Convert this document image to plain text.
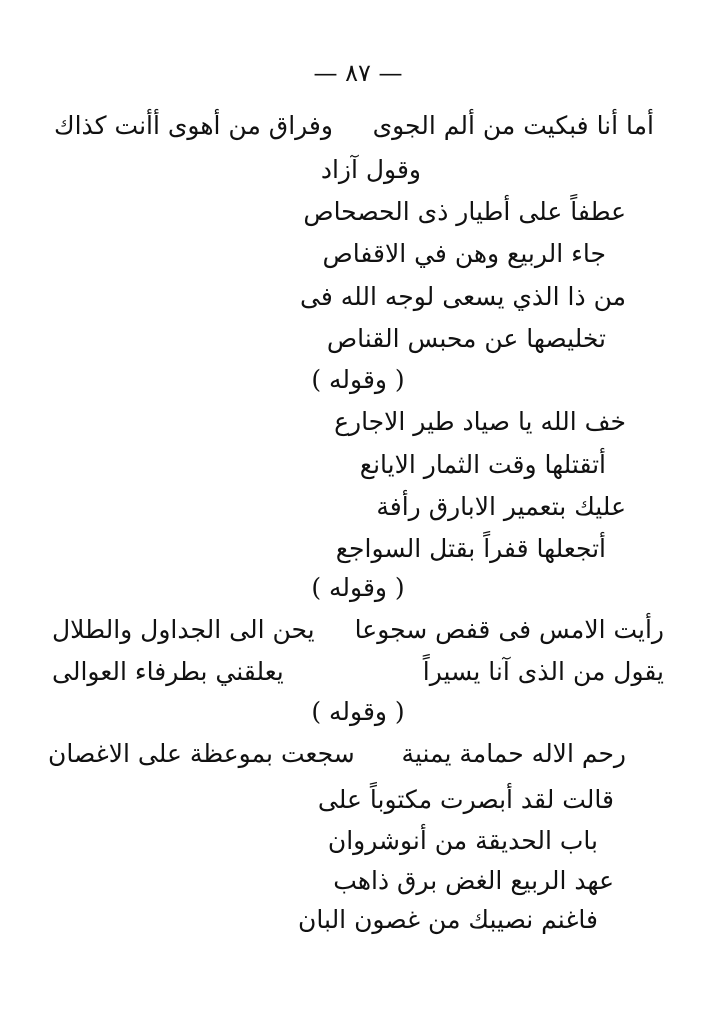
— ٨٧ —
أما أنا فبكيت من ألم الجوى
وفراق من أهوى أأنت كذاك
وقول آزاد
عطفاً على أطيار ذى الحصحاص
جاء الربيع وهن في الاقفاص
من ذا الذي يسعى لوجه الله فى
تخليصها عن محبس القناص
( وقوله )
خف الله يا صياد طير الاجارع
أتقتلها وقت الثمار الايانع
عليك بتعمير الابارق رأفة
أتجعلها قفراً بقتل السواجع
( وقوله )
رأيت الامس فى قفص سجوعا
يحن الى الجداول والطلال
يقول من الذى آنا يسيراً
يعلقني بطرفاء العوالى
( وقوله )
رحم الاله حمامة يمنية
سجعت بموعظة على الاغصان
قالت لقد أبصرت مكتوباً على
باب الحديقة من أنوشروان
عهد الربيع الغض برق ذاهب
فاغنم نصيبك من غصون البان
